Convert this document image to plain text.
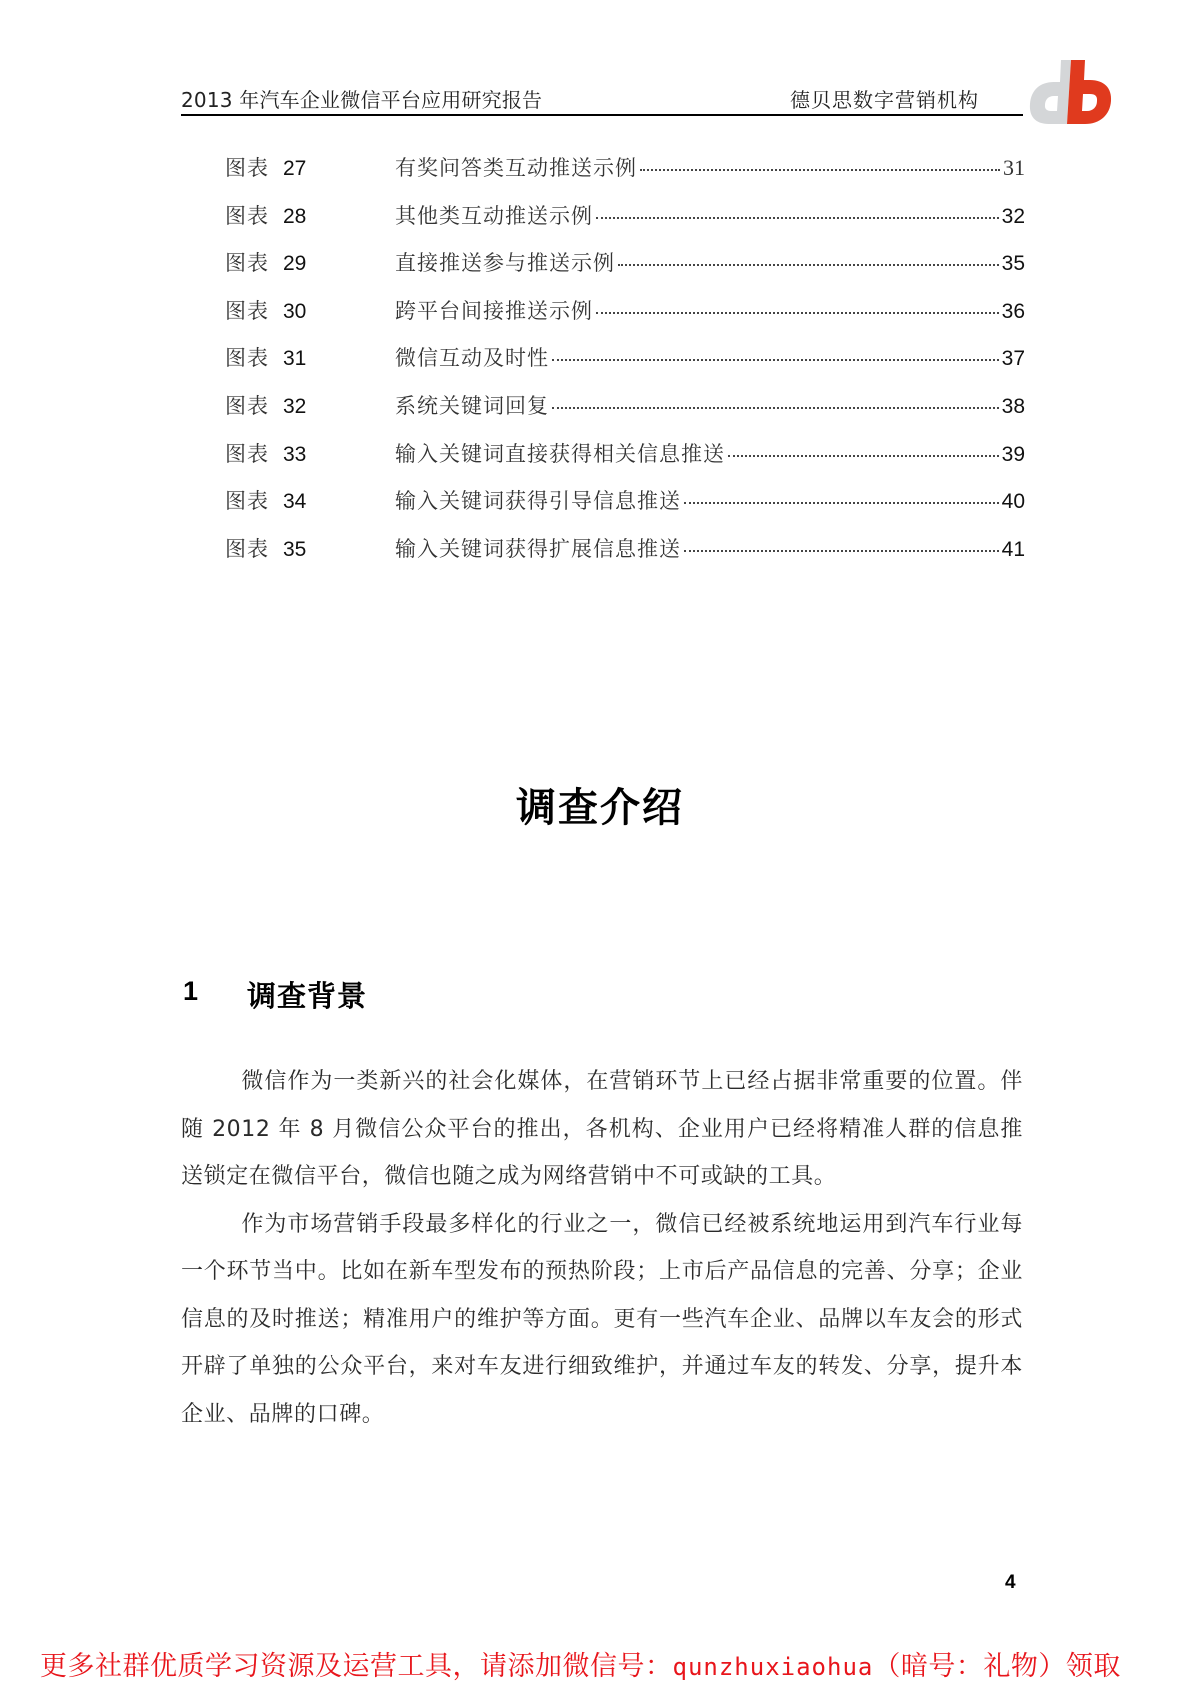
2013 年汽车企业微信平台应用研究报告	德贝思数字营销机构
图表 27	有奖问答类互动推送示例	31
图表 28	其他类互动推送示例	32
图表 29	直接推送参与推送示例	35
图表 30	跨平台间接推送示例	36
图表 31	微信互动及时性	37
图表 32	系统关键词回复	38
图表 33	输入关键词直接获得相关信息推送	39
图表 34	输入关键词获得引导信息推送	40
图表 35	输入关键词获得扩展信息推送	41
调查介绍
1 调查背景

微信作为一类新兴的社会化媒体，在营销环节上已经占据非常重要的位置。伴随 2012 年 8 月微信公众平台的推出，各机构、企业用户已经将精准人群的信息推送锁定在微信平台，微信也随之成为网络营销中不可或缺的工具。

作为市场营销手段最多样化的行业之一，微信已经被系统地运用到汽车行业每一个环节当中。比如在新车型发布的预热阶段；上市后产品信息的完善、分享；企业信息的及时推送；精准用户的维护等方面。更有一些汽车企业、品牌以车友会的形式开辟了单独的公众平台，来对车友进行细致维护，并通过车友的转发、分享，提升本企业、品牌的口碑。

4
更多社群优质学习资源及运营工具，请添加微信号：qunzhuxiaohua（暗号：礼物）领取
